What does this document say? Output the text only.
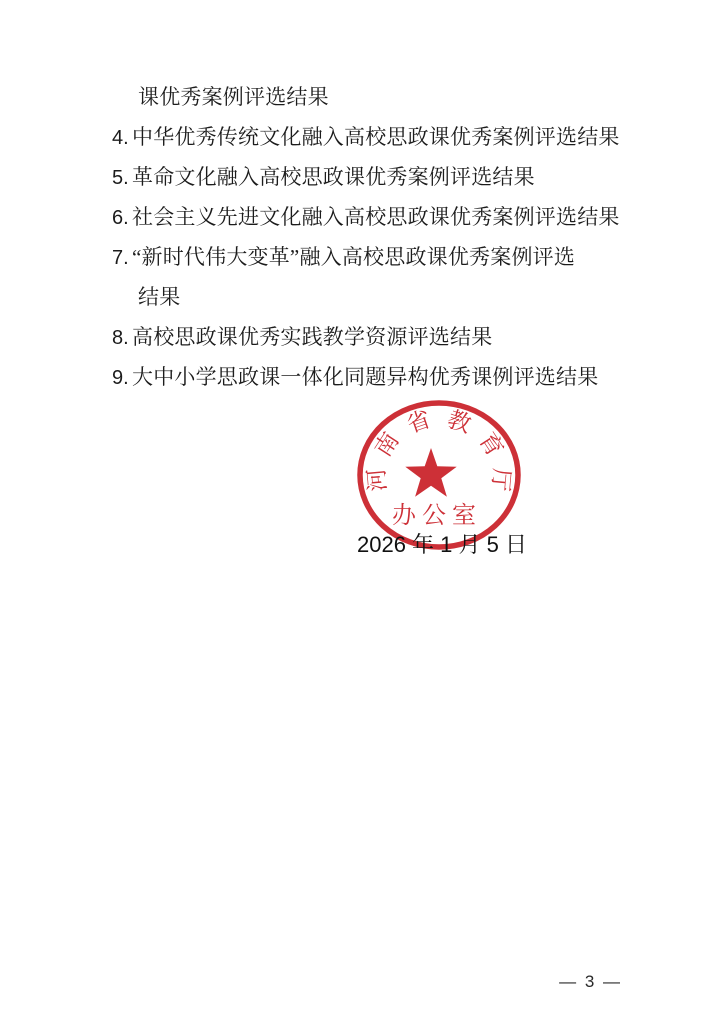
课优秀案例评选结果
4. 中华优秀传统文化融入高校思政课优秀案例评选结果
5. 革命文化融入高校思政课优秀案例评选结果
6. 社会主义先进文化融入高校思政课优秀案例评选结果
7. “新时代伟大变革”融入高校思政课优秀案例评选
结果
8. 高校思政课优秀实践教学资源评选结果
9. 大中小学思政课一体化同题异构优秀课例评选结果
河
南
省 教
育
厅
办公室
2026 年 1 月 5 日
— 3 —
